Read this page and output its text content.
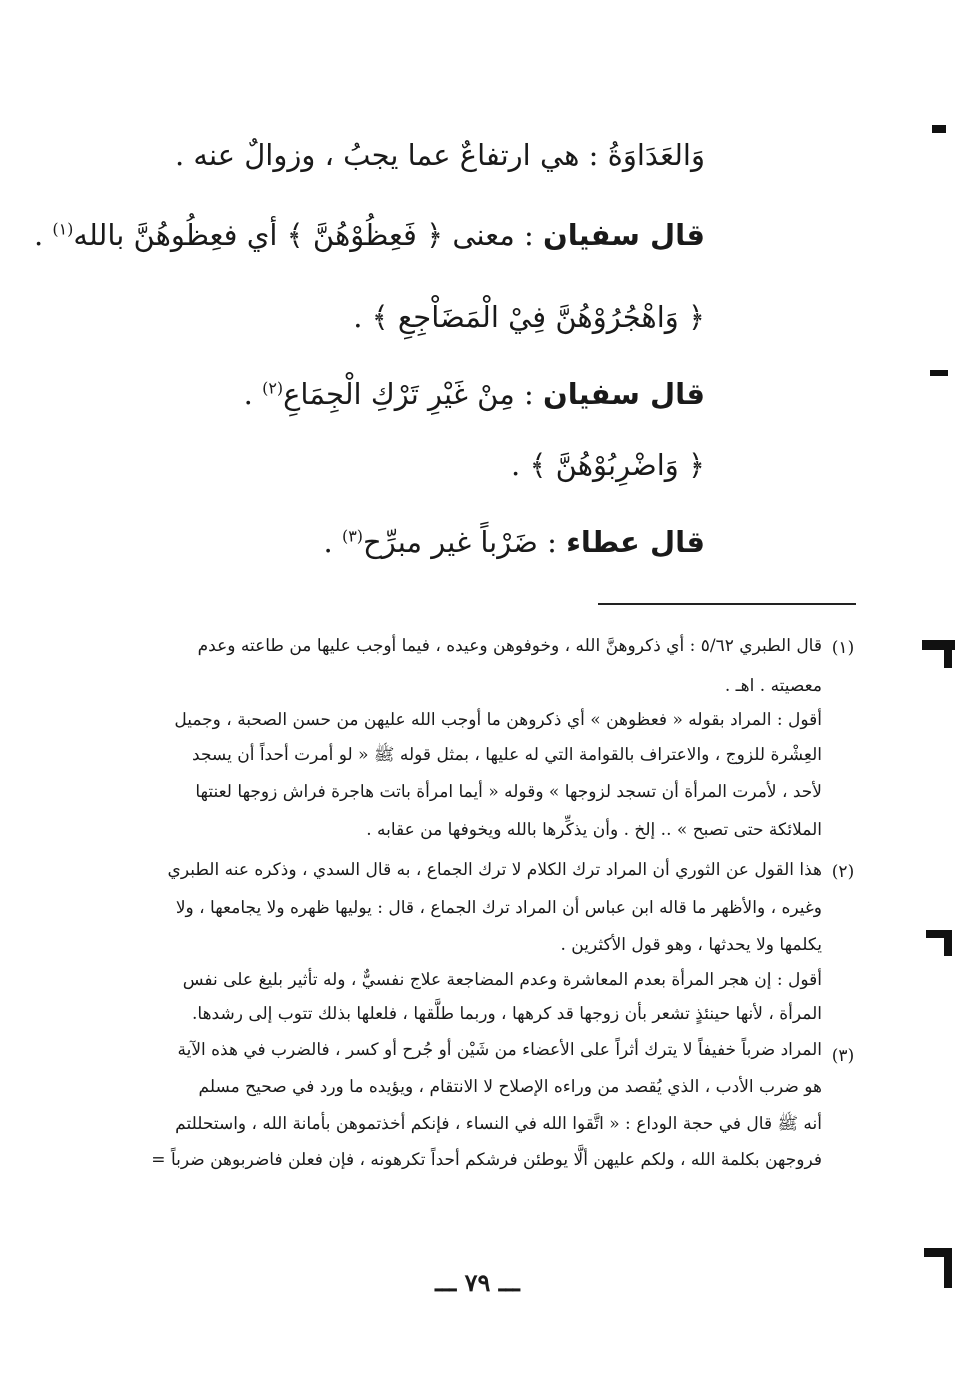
وَالعَدَاوَةُ : هي ارتفاعٌ عما يجبُ ، وزوالٌ عنه .
قال سفيان : معنى ﴿ فَعِظُوْهُنَّ ﴾ أي فعِظُوهُنَّ بالله$^{(١)}$ .
﴿ وَاهْجُرُوْهُنَّ فِيْ الْمَضَاْجِعِ ﴾ .
قال سفيان : مِنْ غَيْرِ تَرْكِ الْجِمَاعِ$^{(٢)}$ .
﴿ وَاضْرِبُوْهُنَّ ﴾ .
قال عطاء : ضَرْباً غير مبرِّح$^{(٣)}$ .
(١)
قال الطبري ٥/٦٢ : أي ذكروهنَّ الله ، وخوفوهن وعيده ، فيما أوجب عليها من طاعته وعدم
معصيته . اهـ .
أقول : المراد بقوله « فعظوهن » أي ذكروهن ما أوجب الله عليهن من حسن الصحبة ، وجميل
العِشْرة للزوج ، والاعتراف بالقوامة التي له عليها ، بمثل قوله ﷺ « لو أمرت أحداً أن يسجد
لأحد ، لأمرت المرأة أن تسجد لزوجها » وقوله « أيما امرأة باتت هاجرة فراش زوجها لعنتها
الملائكة حتى تصبح » .. إلخ . وأن يذكِّرها بالله ويخوفها من عقابه .
(٢)
هذا القول عن الثوري أن المراد ترك الكلام لا ترك الجماع ، به قال السدي ، وذكره عنه الطبري
وغيره ، والأظهر ما قاله ابن عباس أن المراد ترك الجماع ، قال : يوليها ظهره ولا يجامعها ، ولا
يكلمها ولا يحدثها ، وهو قول الأكثرين .
أقول : إن هجر المرأة بعدم المعاشرة وعدم المضاجعة علاج نفسيٌّ ، وله تأثير بليغ على نفس
المرأة ، لأنها حينئذٍ تشعر بأن زوجها قد كرهها ، وربما طلَّقها ، فلعلها بذلك تتوب إلى رشدها.
(٣)
المراد ضرباً خفيفاً لا يترك أثراً على الأعضاء من شَيْن أو جُرح أو كسر ، فالضرب في هذه الآية
هو ضرب الأدب ، الذي يُقصد من وراءه الإصلاح لا الانتقام ، ويؤيده ما ورد في صحيح مسلم
أنه ﷺ قال في حجة الوداع : « اتَّقوا الله في النساء ، فإنكم أخذتموهن بأمانة الله ، واستحللتم
فروجهن بكلمة الله ، ولكم عليهن ألَّا يوطئن فرشكم أحداً تكرهونه ، فإن فعلن فاضربوهن ضرباً =
ـــ ٧٩ ـــ
